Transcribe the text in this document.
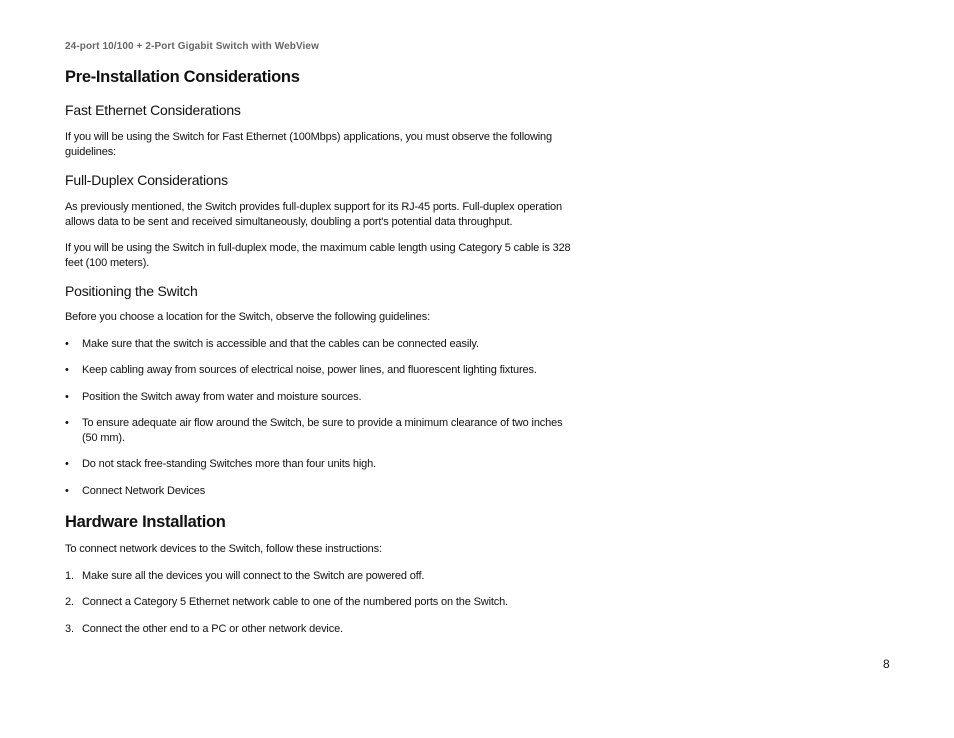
24-port 10/100 + 2-Port Gigabit Switch with WebView
Pre-Installation Considerations
Fast Ethernet Considerations

If you will be using the Switch for Fast Ethernet (100Mbps) applications, you must observe the following guidelines:

Full-Duplex Considerations

As previously mentioned, the Switch provides full-duplex support for its RJ-45 ports. Full-duplex operation allows data to be sent and received simultaneously, doubling a port's potential data throughput.

If you will be using the Switch in full-duplex mode, the maximum cable length using Category 5 cable is 328 feet (100 meters).

Positioning the Switch

Before you choose a location for the Switch, observe the following guidelines:

• Make sure that the switch is accessible and that the cables can be connected easily.
• Keep cabling away from sources of electrical noise, power lines, and fluorescent lighting fixtures.
• Position the Switch away from water and moisture sources.
• To ensure adequate air flow around the Switch, be sure to provide a minimum clearance of two inches (50 mm).
• Do not stack free-standing Switches more than four units high.
• Connect Network Devices
Hardware Installation

To connect network devices to the Switch, follow these instructions:

1. Make sure all the devices you will connect to the Switch are powered off.
2. Connect a Category 5 Ethernet network cable to one of the numbered ports on the Switch.
3. Connect the other end to a PC or other network device.
8
